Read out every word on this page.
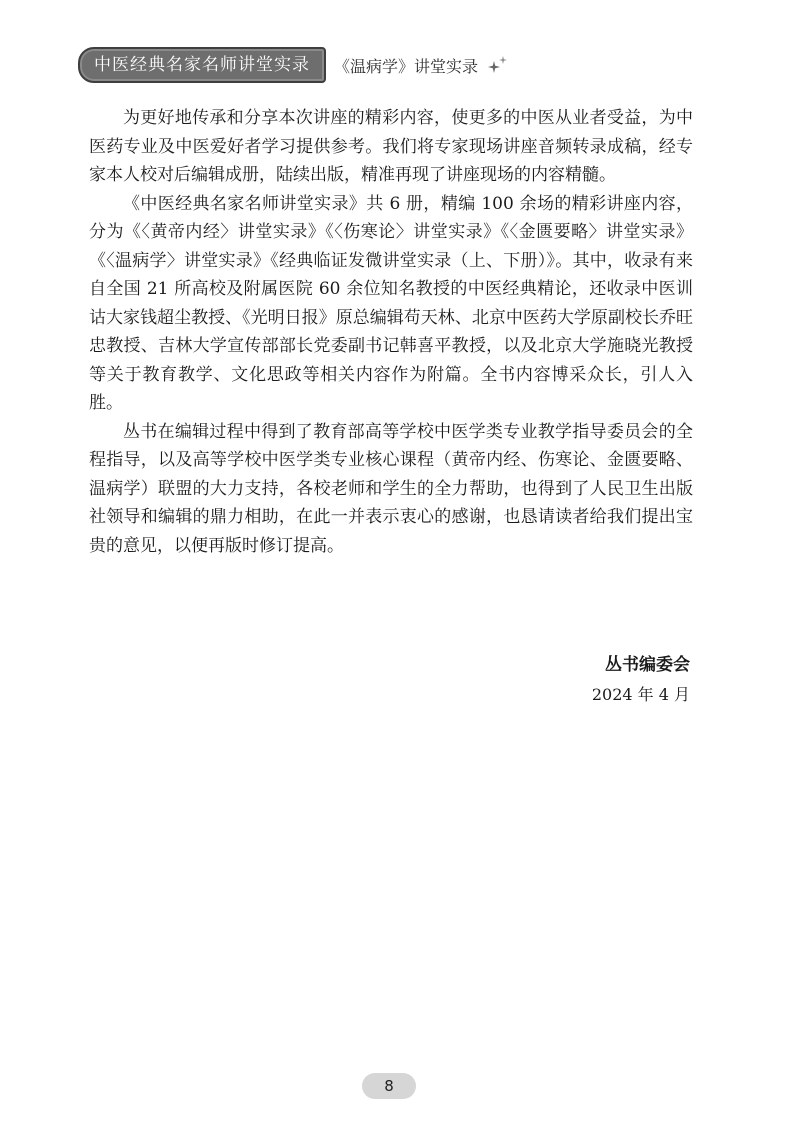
中医经典名家名师讲堂实录	《温病学》讲堂实录

为更好地传承和分享本次讲座的精彩内容，使更多的中医从业者受益，为中医药专业及中医爱好者学习提供参考。我们将专家现场讲座音频转录成稿，经专家本人校对后编辑成册，陆续出版，精准再现了讲座现场的内容精髓。

《中医经典名家名师讲堂实录》共 6 册，精编 100 余场的精彩讲座内容，分为《〈黄帝内经〉讲堂实录》《〈伤寒论〉讲堂实录》《〈金匮要略〉讲堂实录》《〈温病学〉讲堂实录》《经典临证发微讲堂实录（上、下册）》。其中，收录有来自全国 21 所高校及附属医院 60 余位知名教授的中医经典精论，还收录中医训诂大家钱超尘教授、《光明日报》原总编辑苟天林、北京中医药大学原副校长乔旺忠教授、吉林大学宣传部部长党委副书记韩喜平教授，以及北京大学施晓光教授等关于教育教学、文化思政等相关内容作为附篇。全书内容博采众长，引人入胜。

丛书在编辑过程中得到了教育部高等学校中医学类专业教学指导委员会的全程指导，以及高等学校中医学类专业核心课程（黄帝内经、伤寒论、金匮要略、温病学）联盟的大力支持，各校老师和学生的全力帮助，也得到了人民卫生出版社领导和编辑的鼎力相助，在此一并表示衷心的感谢，也恳请读者给我们提出宝贵的意见，以便再版时修订提高。

丛书编委会
2024 年 4 月
8
